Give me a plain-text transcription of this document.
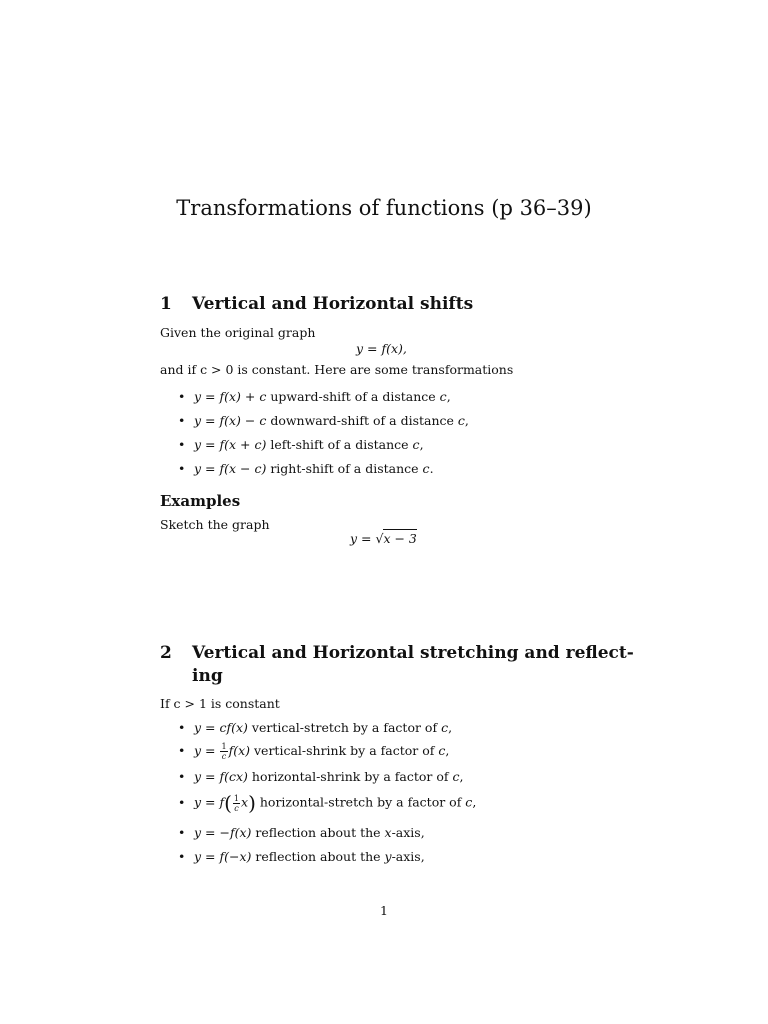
Transformations of functions (p 36–39)
1 Vertical and Horizontal shifts
Given the original graph
y = f(x),
and if c > 0 is constant. Here are some transformations
• y = f(x) + c upward-shift of a distance c,
• y = f(x) − c downward-shift of a distance c,
• y = f(x + c) left-shift of a distance c,
• y = f(x − c) right-shift of a distance c.
Examples
Sketch the graph
y = √x − 3
2 Vertical and Horizontal stretching and reflect-
ing
If c > 1 is constant
• y = cf(x) vertical-stretch by a factor of c,
• $y = \frac{1}{c} f(x)$ vertical-shrink by a factor of c,
• y = f(cx) horizontal-shrink by a factor of c,
• $y = f( \frac{1}{c} x)$ horizontal-stretch by a factor of c,
• y = −f(x) reflection about the x-axis,
• y = f(−x) reflection about the y-axis,
1
